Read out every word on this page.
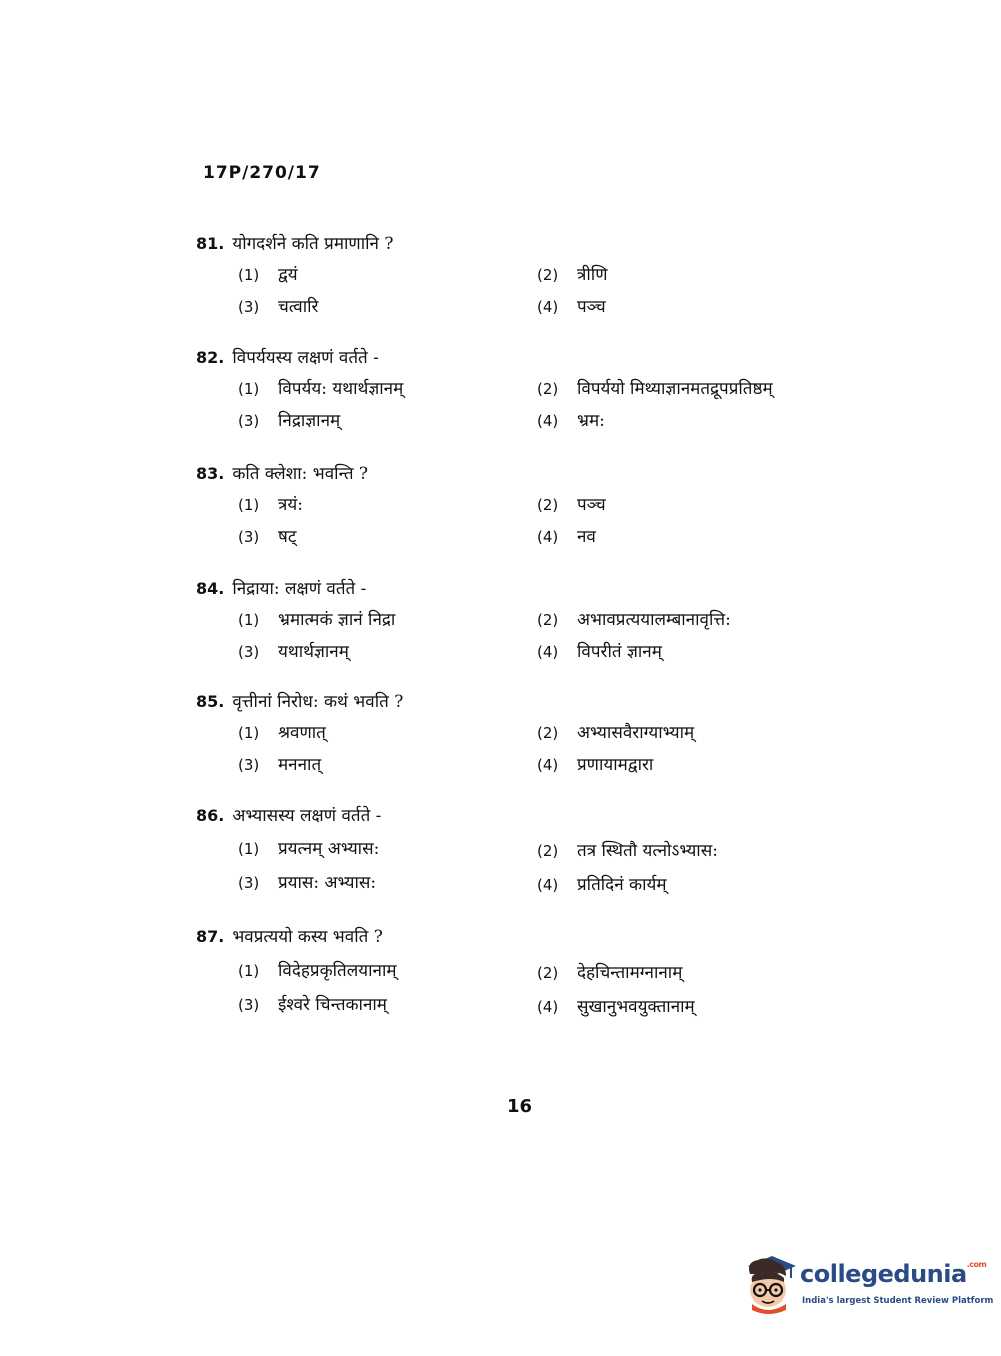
17P/270/17
81. योगदर्शने कति प्रमाणानि ?
(1) द्वयं	(2) त्रीणि
(3) चत्वारि	(4) पञ्च
82. विपर्ययस्य लक्षणं वर्तते -
(1) विपर्यय: यथार्थज्ञानम्	(2) विपर्ययो मिथ्याज्ञानमतद्रूपप्रतिष्ठम्
(3) निद्राज्ञानम्	(4) भ्रम:
83. कति क्लेशा: भवन्ति ?
(1) त्रयं:	(2) पञ्च
(3) षट्	(4) नव
84. निद्राया: लक्षणं वर्तते -
(1) भ्रमात्मकं ज्ञानं निद्रा	(2) अभावप्रत्ययालम्बानावृत्ति:
(3) यथार्थज्ञानम्	(4) विपरीतं ज्ञानम्
85. वृत्तीनां निरोध: कथं भवति ?
(1) श्रवणात्	(2) अभ्यासवैराग्याभ्याम्
(3) मननात्	(4) प्रणायामद्वारा
86. अभ्यासस्य लक्षणं वर्तते -
(1) प्रयत्नम् अभ्यास:	(2) तत्र स्थितौ यत्नोऽभ्यास:
(3) प्रयास: अभ्यास:	(4) प्रतिदिनं कार्यम्
87. भवप्रत्ययो कस्य भवति ?
(1) विदेहप्रकृतिलयानाम्	(2) देहचिन्तामग्नानाम्
(3) ईश्वरे चिन्तकानाम्	(4) सुखानुभवयुक्तानाम्
16
collegedunia$^{.com}$
India's largest Student Review Platform
